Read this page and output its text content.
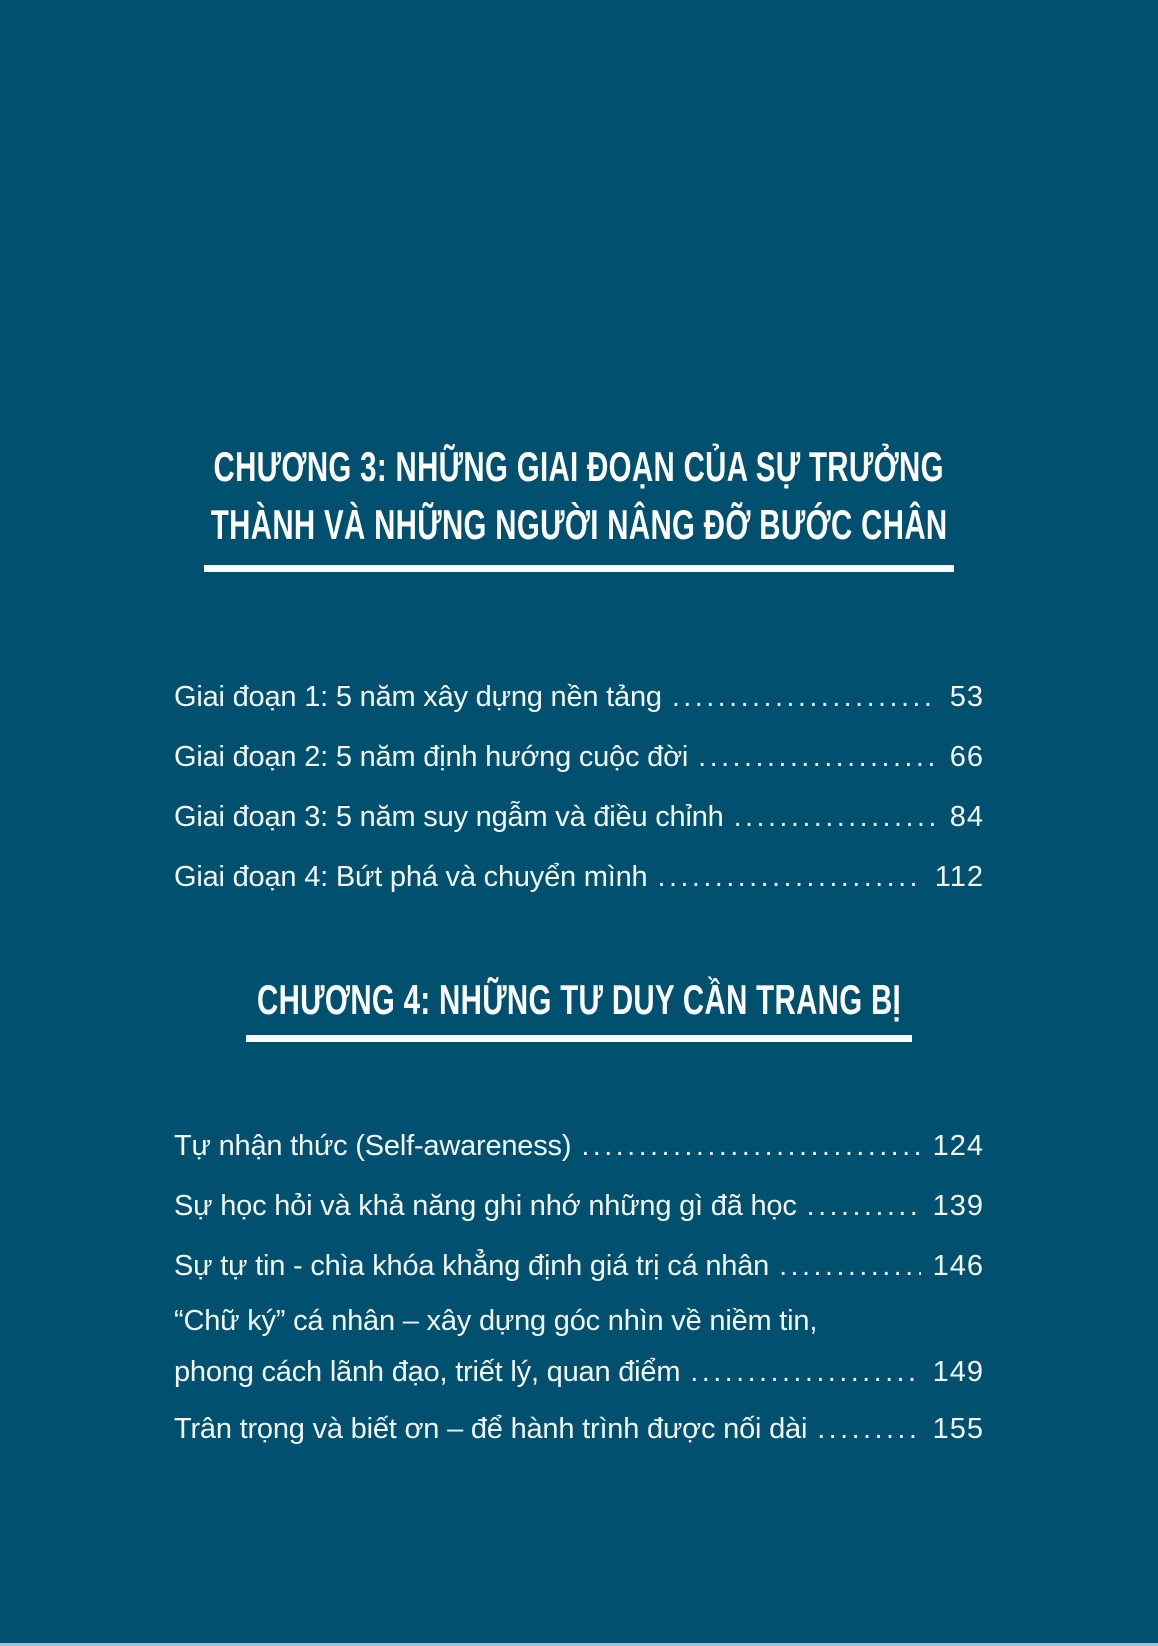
CHƯƠNG 3: NHỮNG GIAI ĐOẠN CỦA SỰ TRƯỞNG
THÀNH VÀ NHỮNG NGƯỜI NÂNG ĐỠ BƯỚC CHÂN
Giai đoạn 1: 5 năm xây dựng nền tảng .....	53
Giai đoạn 2: 5 năm định hướng cuộc đời .....	66
Giai đoạn 3: 5 năm suy ngẫm và điều chỉnh .....	84
Giai đoạn 4: Bứt phá và chuyển mình .....	112
CHƯƠNG 4: NHỮNG TƯ DUY CẦN TRANG BỊ
Tự nhận thức (Self-awareness) .....	124
Sự học hỏi và khả năng ghi nhớ những gì đã học .....	139
Sự tự tin - chìa khóa khẳng định giá trị cá nhân .....	146
“Chữ ký” cá nhân – xây dựng góc nhìn về niềm tin,
phong cách lãnh đạo, triết lý, quan điểm .....	149
Trân trọng và biết ơn – để hành trình được nối dài .....	155
